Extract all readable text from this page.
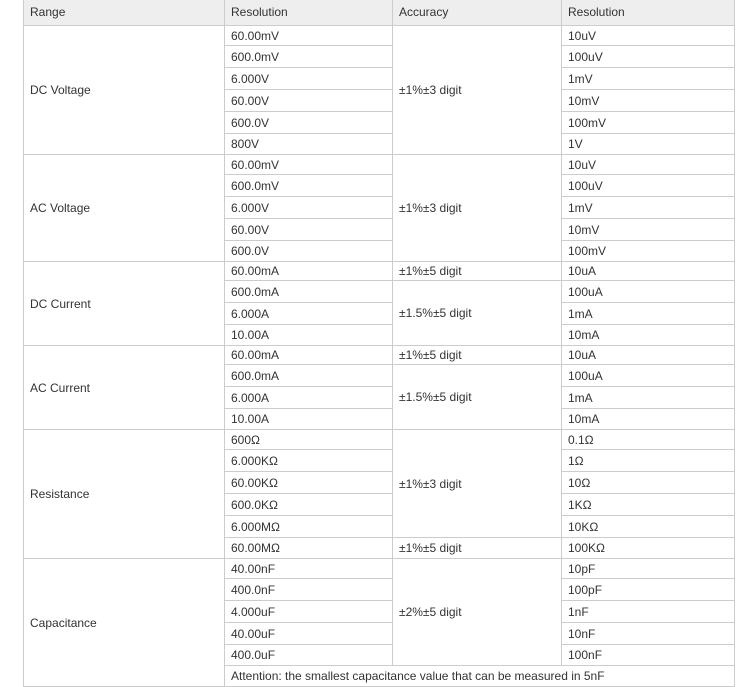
Range	Resolution	Accuracy	Resolution
DC Voltage	60.00mV	±1%±3 digit	10uV
	600.0mV		100uV
	6.000V		1mV
	60.00V		10mV
	600.0V		100mV
	800V		1V
AC Voltage	60.00mV	±1%±3 digit	10uV
	600.0mV		100uV
	6.000V		1mV
	60.00V		10mV
	600.0V		100mV
DC Current	60.00mA	±1%±5 digit	10uA
	600.0mA	±1.5%±5 digit	100uA
	6.000A		1mA
	10.00A		10mA
AC Current	60.00mA	±1%±5 digit	10uA
	600.0mA	±1.5%±5 digit	100uA
	6.000A		1mA
	10.00A		10mA
Resistance	600Ω	±1%±3 digit	0.1Ω
	6.000KΩ		1Ω
	60.00KΩ		10Ω
	600.0KΩ		1KΩ
	6.000MΩ		10KΩ
	60.00MΩ	±1%±5 digit	100KΩ
Capacitance	40.00nF	±2%±5 digit	10pF
	400.0nF		100pF
	4.000uF		1nF
	40.00uF		10nF
	400.0uF		100nF
	Attention: the smallest capacitance value that can be measured in 5nF		
